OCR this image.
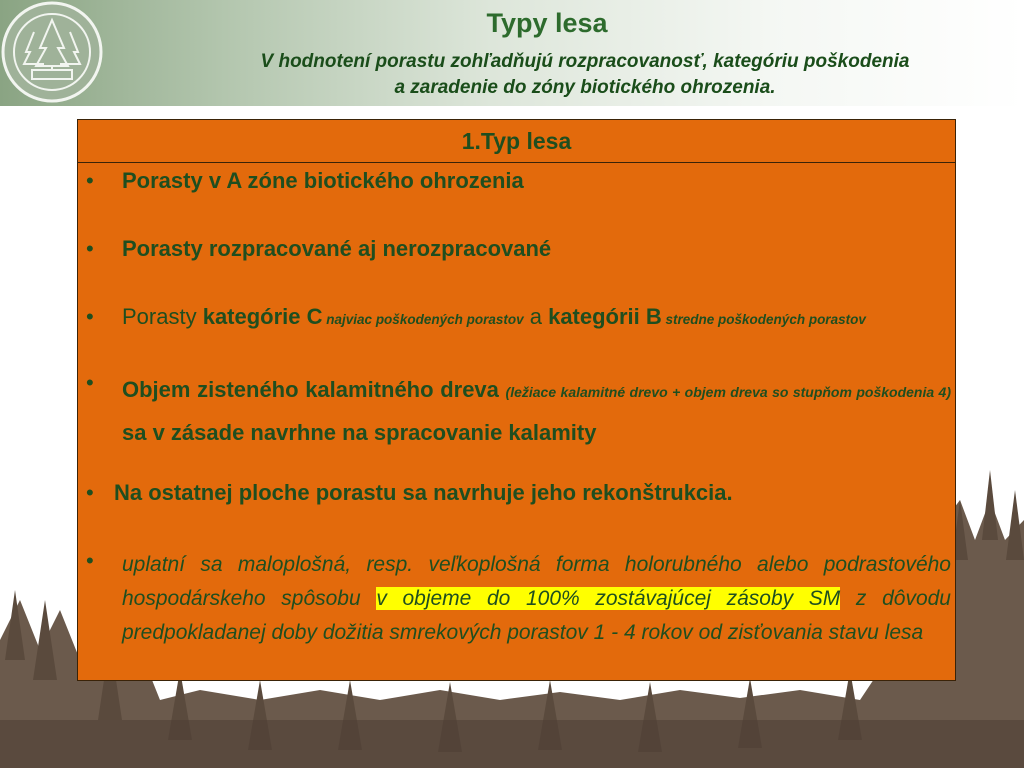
Typy lesa
V hodnotení porastu zohľadňujú rozpracovanosť, kategóriu poškodenia
a zaradenie do zóny biotického ohrozenia.
1.Typ lesa
• Porasty v A zóne biotického ohrozenia
• Porasty rozpracované aj nerozpracované
• Porasty kategórie C najviac poškodených porastov a kategórii B stredne poškodených porastov
• Objem zisteného kalamitného dreva (ležiace kalamitné drevo + objem dreva so stupňom poškodenia 4) sa v zásade navrhne na spracovanie kalamity
• Na ostatnej ploche porastu sa navrhuje jeho rekonštrukcia.
• uplatní sa maloplošná, resp. veľkoplošná forma holorubného alebo podrastového hospodárskeho spôsobu v objeme do 100% zostávajúcej zásoby SM z dôvodu predpokladanej doby dožitia smrekových porastov 1 - 4 rokov od zisťovania stavu lesa
